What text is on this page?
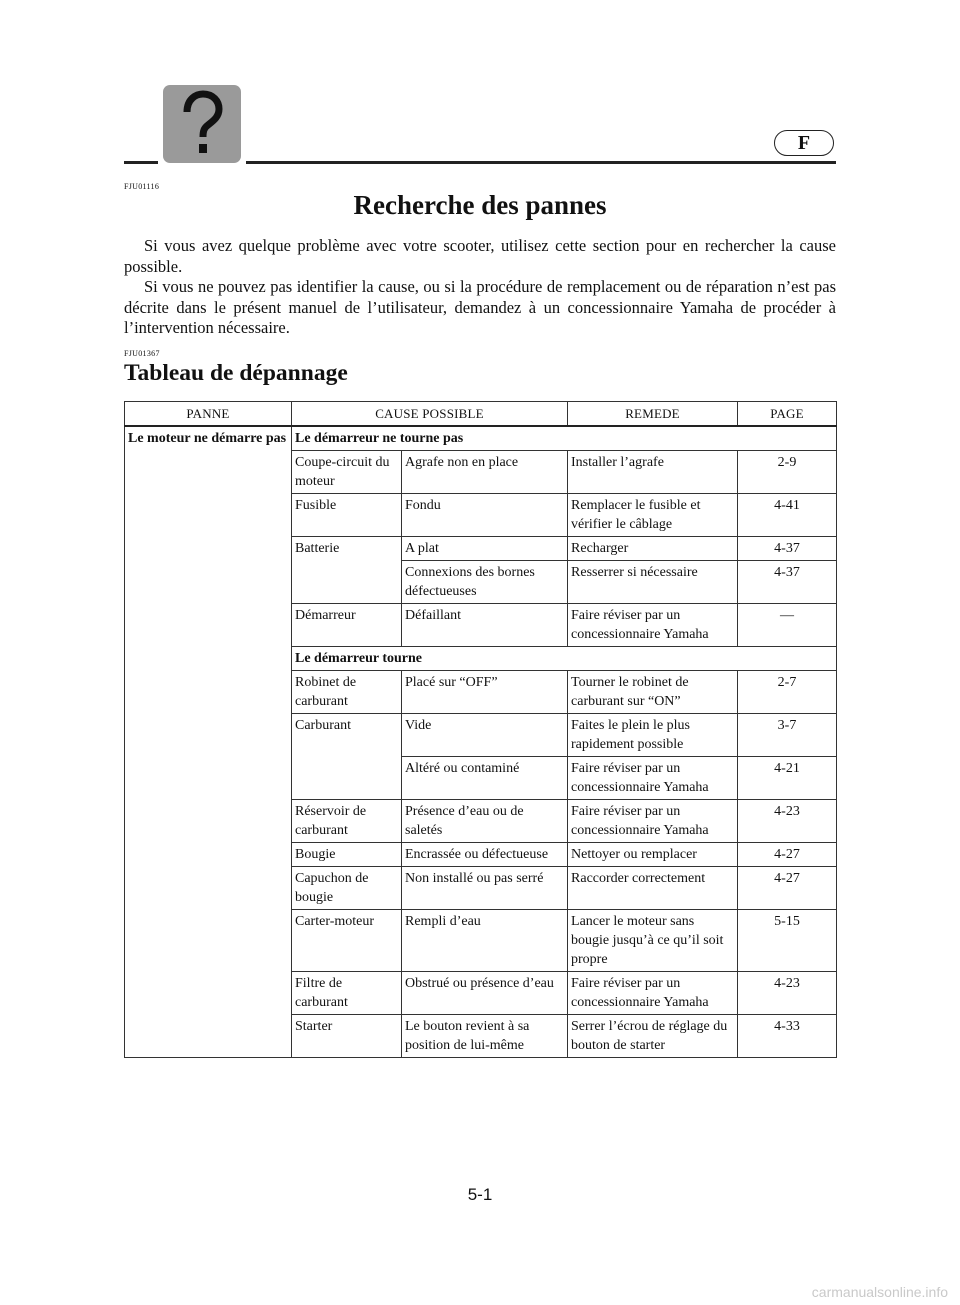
F
FJU01116
Recherche des pannes

Si vous avez quelque problème avec votre scooter, utilisez cette section pour en rechercher la cause possible.

Si vous ne pouvez pas identifier la cause, ou si la procédure de remplacement ou de réparation n’est pas décrite dans le présent manuel de l’utilisateur, demandez à un concessionnaire Yamaha de procéder à l’intervention nécessaire.

FJU01367
Tableau de dépannage
PANNE	CAUSE POSSIBLE		REMEDE	PAGE
Le moteur ne démarre pas	Le démarreur ne tourne pas			
	Coupe-circuit du moteur	Agrafe non en place	Installer l’agrafe	2-9
	Fusible	Fondu	Remplacer le fusible et vérifier le câblage	4-41
	Batterie	A plat	Recharger	4-37
		Connexions des bornes défectueuses	Resserrer si nécessaire	4-37
	Démarreur	Défaillant	Faire réviser par un concessionnaire Yamaha	—
	Le démarreur tourne			
	Robinet de carburant	Placé sur “OFF”	Tourner le robinet de carburant sur “ON”	2-7
	Carburant	Vide	Faites le plein le plus rapidement possible	3-7
		Altéré ou contaminé	Faire réviser par un concessionnaire Yamaha	4-21
	Réservoir de carburant	Présence d’eau ou de saletés	Faire réviser par un concessionnaire Yamaha	4-23
	Bougie	Encrassée ou défectueuse	Nettoyer ou remplacer	4-27
	Capuchon de bougie	Non installé ou pas serré	Raccorder correctement	4-27
	Carter-moteur	Rempli d’eau	Lancer le moteur sans bougie jusqu’à ce qu’il soit propre	5-15
	Filtre de carburant	Obstrué ou présence d’eau	Faire réviser par un concessionnaire Yamaha	4-23
	Starter	Le bouton revient à sa position de lui-même	Serrer l’écrou de réglage du bouton de starter	4-33
5-1
carmanualsonline.info
